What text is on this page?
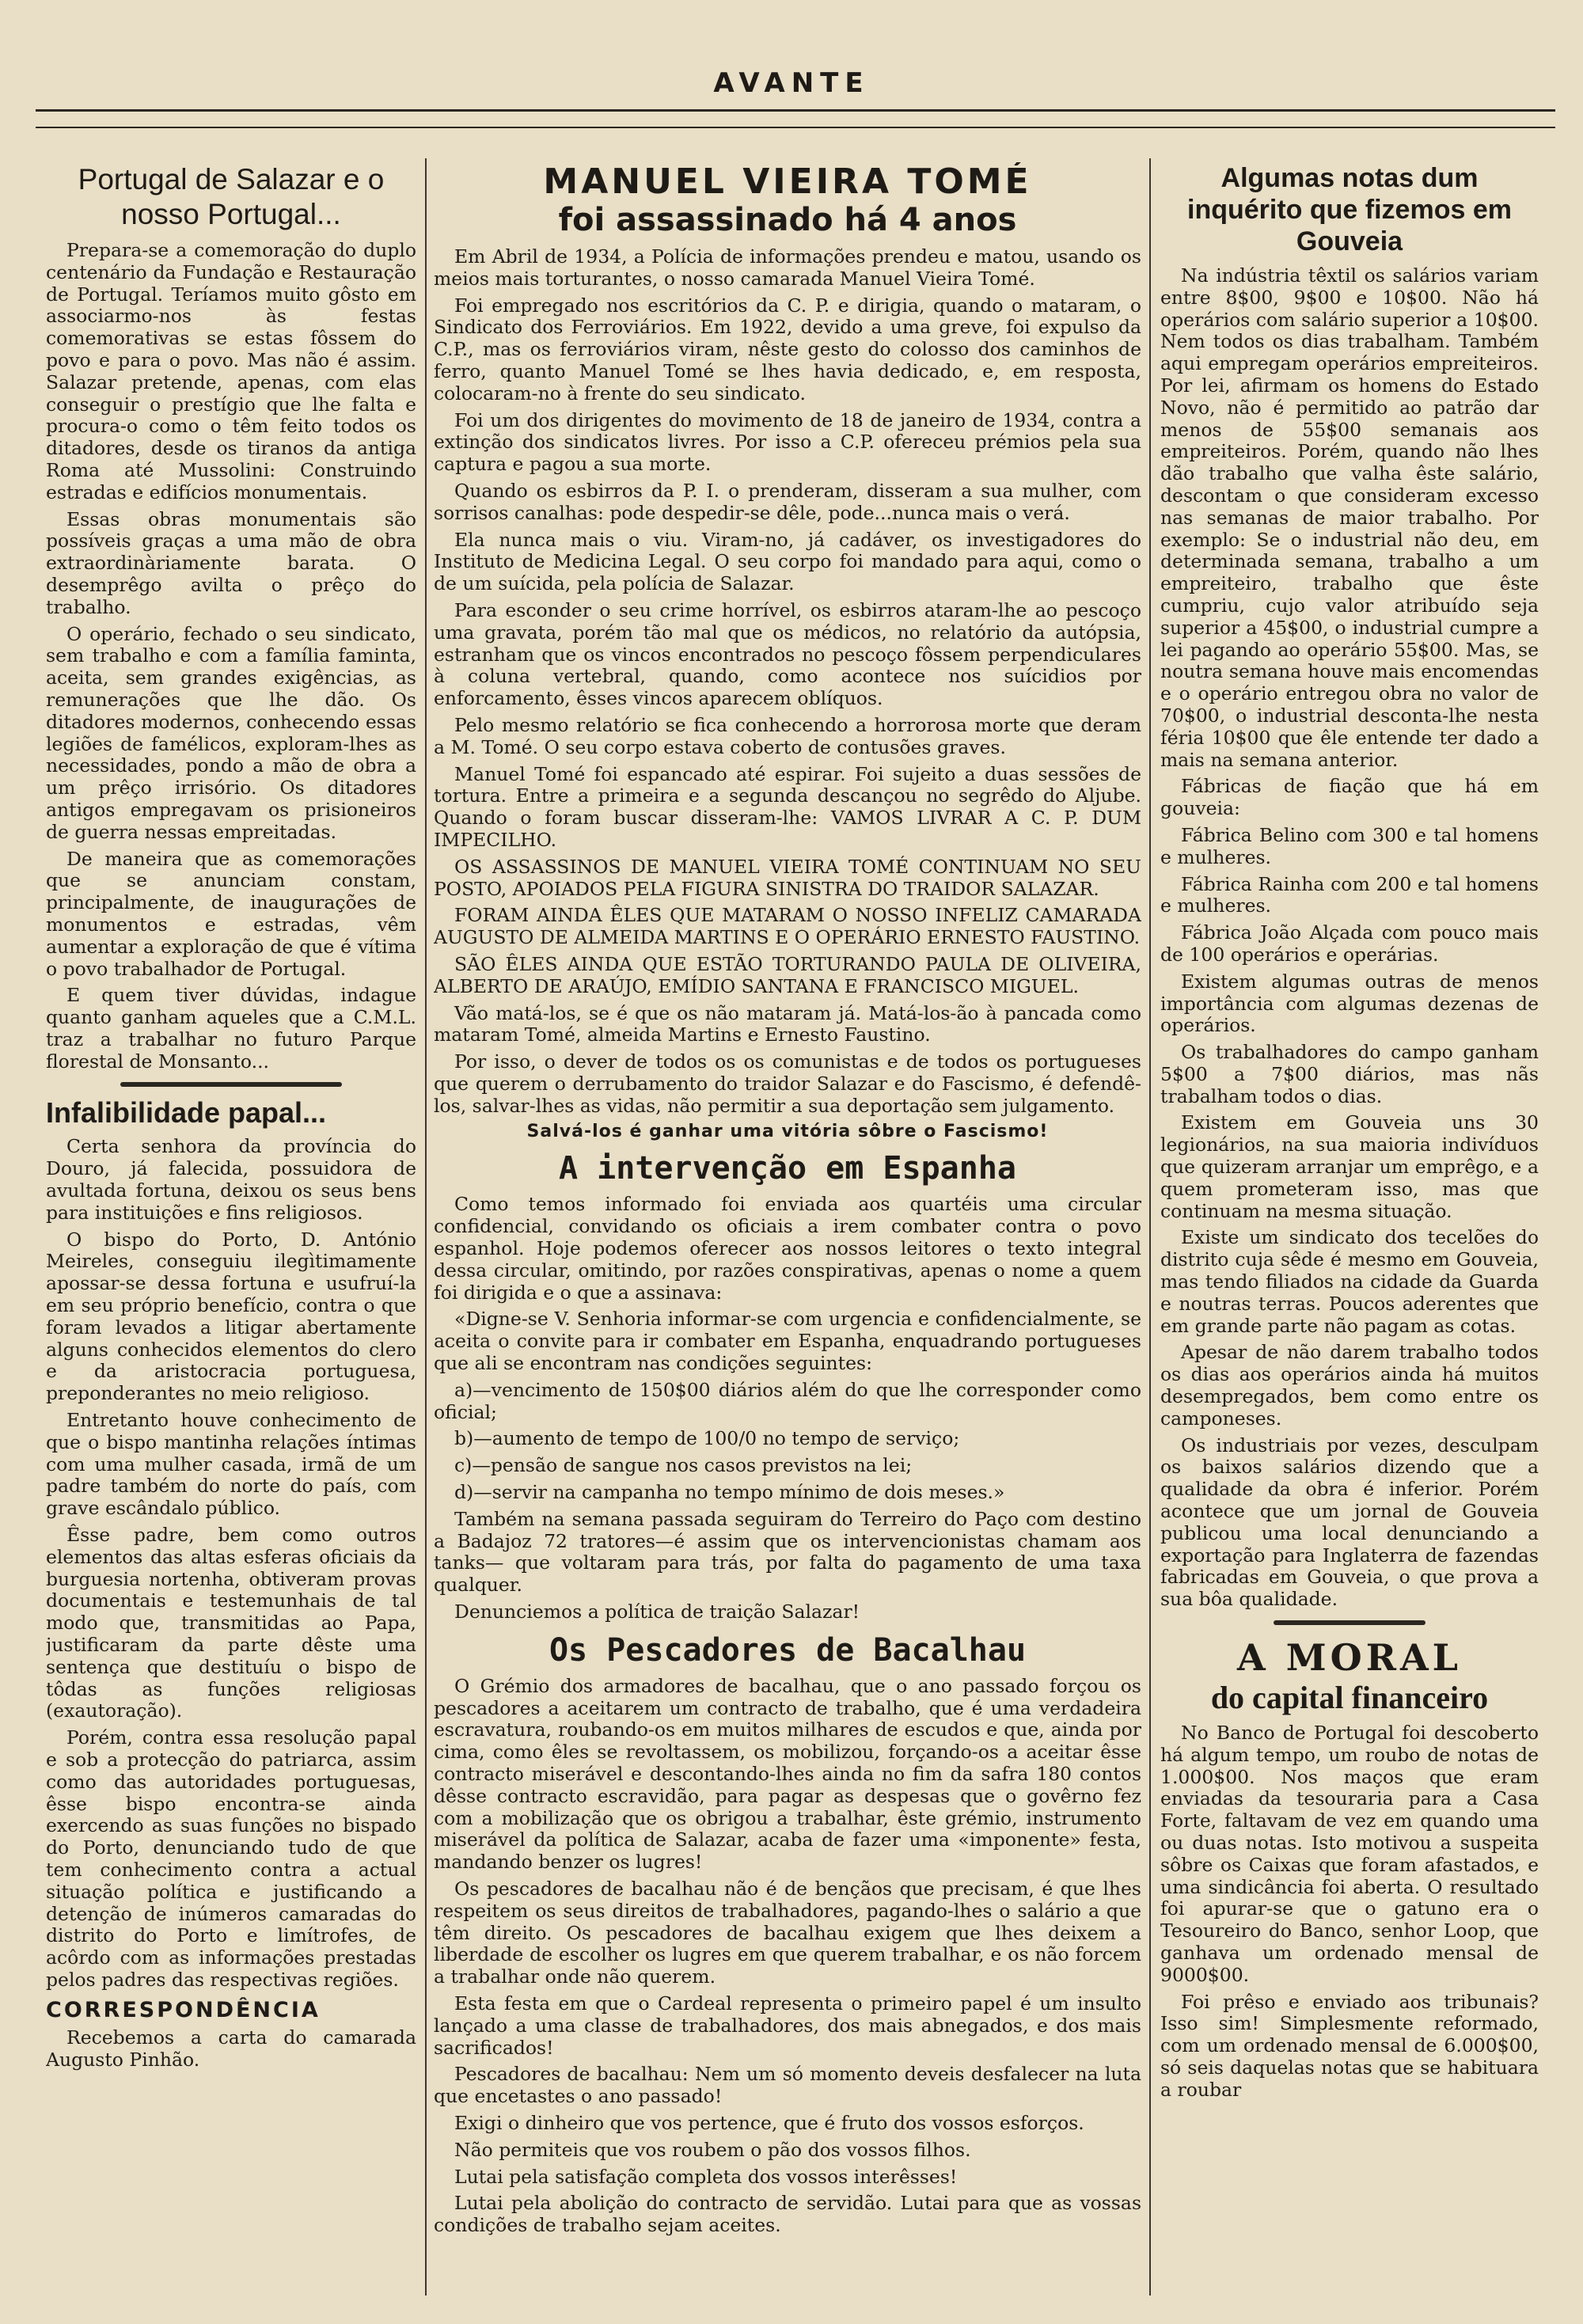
AVANTE
Portugal de Salazar e o nosso Portugal...

Prepara-se a comemoração do duplo centenário da Fundação e Restauração de Portugal. Teríamos muito gôsto em associarmo-nos às festas comemorativas se estas fôssem do povo e para o povo. Mas não é assim. Salazar pretende, apenas, com elas conseguir o prestígio que lhe falta e procura-o como o têm feito todos os ditadores, desde os tiranos da antiga Roma até Mussolini: Construindo estradas e edifícios monumentais.

Essas obras monumentais são possíveis graças a uma mão de obra extraordinàriamente barata. O desemprêgo avilta o prêço do trabalho.

O operário, fechado o seu sindicato, sem trabalho e com a família faminta, aceita, sem grandes exigências, as remunerações que lhe dão. Os ditadores modernos, conhecendo essas legiões de famélicos, exploram-lhes as necessidades, pondo a mão de obra a um prêço irrisório. Os ditadores antigos empregavam os prisioneiros de guerra nessas empreitadas.

De maneira que as comemorações que se anunciam constam, principalmente, de inaugurações de monumentos e estradas, vêm aumentar a exploração de que é vítima o povo trabalhador de Portugal.

E quem tiver dúvidas, indague quanto ganham aqueles que a C.M.L. traz a trabalhar no futuro Parque florestal de Monsanto...

Infalibilidade papal...

Certa senhora da província do Douro, já falecida, possuidora de avultada fortuna, deixou os seus bens para instituições e fins religiosos.

O bispo do Porto, D. António Meireles, conseguiu ilegìtimamente apossar-se dessa fortuna e usufruí-la em seu próprio benefício, contra o que foram levados a litigar abertamente alguns conhecidos elementos do clero e da aristocracia portuguesa, preponderantes no meio religioso.

Entretanto houve conhecimento de que o bispo mantinha relações íntimas com uma mulher casada, irmã de um padre também do norte do país, com grave escândalo público.

Êsse padre, bem como outros elementos das altas esferas oficiais da burguesia nortenha, obtiveram provas documentais e testemunhais de tal modo que, transmitidas ao Papa, justificaram da parte dêste uma sentença que destituíu o bispo de tôdas as funções religiosas (exautoração).

Porém, contra essa resolução papal e sob a protecção do patriarca, assim como das autoridades portuguesas, êsse bispo encontra-se ainda exercendo as suas funções no bispado do Porto, denunciando tudo de que tem conhecimento contra a actual situação política e justificando a detenção de inúmeros camaradas do distrito do Porto e limítrofes, de acôrdo com as informações prestadas pelos padres das respectivas regiões.

CORRESPONDÊNCIA

Recebemos a carta do camarada Augusto Pinhão.

MANUEL VIEIRA TOMÉ
foi assassinado há 4 anos

Em Abril de 1934, a Polícia de informações prendeu e matou, usando os meios mais torturantes, o nosso camarada Manuel Vieira Tomé.

Foi empregado nos escritórios da C. P. e dirigia, quando o mataram, o Sindicato dos Ferroviários. Em 1922, devido a uma greve, foi expulso da C.P., mas os ferroviários viram, nêste gesto do colosso dos caminhos de ferro, quanto Manuel Tomé se lhes havia dedicado, e, em resposta, colocaram-no à frente do seu sindicato.

Foi um dos dirigentes do movimento de 18 de janeiro de 1934, contra a extinção dos sindicatos livres. Por isso a C.P. ofereceu prémios pela sua captura e pagou a sua morte.

Quando os esbirros da P. I. o prenderam, disseram a sua mulher, com sorrisos canalhas: pode despedir-se dêle, pode...nunca mais o verá.

Ela nunca mais o viu. Viram-no, já cadáver, os investigadores do Instituto de Medicina Legal. O seu corpo foi mandado para aqui, como o de um suícida, pela polícia de Salazar.

Para esconder o seu crime horrível, os esbirros ataram-lhe ao pescoço uma gravata, porém tão mal que os médicos, no relatório da autópsia, estranham que os vincos encontrados no pescoço fôssem perpendiculares à coluna vertebral, quando, como acontece nos suícidios por enforcamento, êsses vincos aparecem oblíquos.

Pelo mesmo relatório se fica conhecendo a horrorosa morte que deram a M. Tomé. O seu corpo estava coberto de contusões graves.

Manuel Tomé foi espancado até espirar. Foi sujeito a duas sessões de tortura. Entre a primeira e a segunda descançou no segrêdo do Aljube. Quando o foram buscar disseram-lhe: VAMOS LIVRAR A C. P. DUM IMPECILHO.

OS ASSASSINOS DE MANUEL VIEIRA TOMÉ CONTINUAM NO SEU POSTO, APOIADOS PELA FIGURA SINISTRA DO TRAIDOR SALAZAR.

FORAM AINDA ÊLES QUE MATARAM O NOSSO INFELIZ CAMARADA AUGUSTO DE ALMEIDA MARTINS E O OPERÁRIO ERNESTO FAUSTINO.

SÃO ÊLES AINDA QUE ESTÃO TORTURANDO PAULA DE OLIVEIRA, ALBERTO DE ARAÚJO, EMÍDIO SANTANA E FRANCISCO MIGUEL.

Vão matá-los, se é que os não mataram já. Matá-los-ão à pancada como mataram Tomé, almeida Martins e Ernesto Faustino.

Por isso, o dever de todos os os comunistas e de todos os portugueses que querem o derrubamento do traidor Salazar e do Fascismo, é defendê-los, salvar-lhes as vidas, não permitir a sua deportação sem julgamento.

Salvá-los é ganhar uma vitória sôbre o Fascismo!
A intervenção em Espanha

Como temos informado foi enviada aos quartéis uma circular confidencial, convidando os oficiais a irem combater contra o povo espanhol. Hoje podemos oferecer aos nossos leitores o texto integral dessa circular, omitindo, por razões conspirativas, apenas o nome a quem foi dirigida e o que a assinava:

«Digne-se V. Senhoria informar-se com urgencia e confidencialmente, se aceita o convite para ir combater em Espanha, enquadrando portugueses que ali se encontram nas condições seguintes:

a)—vencimento de 150$00 diários além do que lhe corresponder como oficial;

b)—aumento de tempo de 100/0 no tempo de serviço;

c)—pensão de sangue nos casos previstos na lei;

d)—servir na campanha no tempo mínimo de dois meses.»

Também na semana passada seguiram do Terreiro do Paço com destino a Badajoz 72 tratores—é assim que os intervencionistas chamam aos tanks— que voltaram para trás, por falta do pagamento de uma taxa qualquer.

Denunciemos a política de traição Salazar!

Os Pescadores de Bacalhau

O Grémio dos armadores de bacalhau, que o ano passado forçou os pescadores a aceitarem um contracto de trabalho, que é uma verdadeira escravatura, roubando-os em muitos milhares de escudos e que, ainda por cima, como êles se revoltassem, os mobilizou, forçando-os a aceitar êsse contracto miserável e descontando-lhes ainda no fim da safra 180 contos dêsse contracto escravidão, para pagar as despesas que o govêrno fez com a mobilização que os obrigou a trabalhar, êste grémio, instrumento miserável da política de Salazar, acaba de fazer uma «imponente» festa, mandando benzer os lugres!

Os pescadores de bacalhau não é de bençãos que precisam, é que lhes respeitem os seus direitos de trabalhadores, pagando-lhes o salário a que têm direito. Os pescadores de bacalhau exigem que lhes deixem a liberdade de escolher os lugres em que querem trabalhar, e os não forcem a trabalhar onde não querem.

Esta festa em que o Cardeal representa o primeiro papel é um insulto lançado a uma classe de trabalhadores, dos mais abnegados, e dos mais sacrificados!

Pescadores de bacalhau: Nem um só momento deveis desfalecer na luta que encetastes o ano passado!

Exigi o dinheiro que vos pertence, que é fruto dos vossos esforços.

Não permiteis que vos roubem o pão dos vossos filhos.

Lutai pela satisfação completa dos vossos interêsses!

Lutai pela abolição do contracto de servidão. Lutai para que as vossas condições de trabalho sejam aceites.

Algumas notas dum inquérito que fizemos em Gouveia

Na indústria têxtil os salários variam entre 8$00, 9$00 e 10$00. Não há operários com salário superior a 10$00. Nem todos os dias trabalham. Também aqui empregam operários empreiteiros. Por lei, afirmam os homens do Estado Novo, não é permitido ao patrão dar menos de 55$00 semanais aos empreiteiros. Porém, quando não lhes dão trabalho que valha êste salário, descontam o que consideram excesso nas semanas de maior trabalho. Por exemplo: Se o industrial não deu, em determinada semana, trabalho a um empreiteiro, trabalho que êste cumpriu, cujo valor atribuído seja superior a 45$00, o industrial cumpre a lei pagando ao operário 55$00. Mas, se noutra semana houve mais encomendas e o operário entregou obra no valor de 70$00, o industrial desconta-lhe nesta féria 10$00 que êle entende ter dado a mais na semana anterior.

Fábricas de fiação que há em gouveia:

Fábrica Belino com 300 e tal homens e mulheres.

Fábrica Rainha com 200 e tal homens e mulheres.

Fábrica João Alçada com pouco mais de 100 operários e operárias.

Existem algumas outras de menos importância com algumas dezenas de operários.

Os trabalhadores do campo ganham 5$00 a 7$00 diários, mas nãs trabalham todos o dias.

Existem em Gouveia uns 30 legionários, na sua maioria indivíduos que quizeram arranjar um emprêgo, e a quem prometeram isso, mas que continuam na mesma situação.

Existe um sindicato dos tecelões do distrito cuja sêde é mesmo em Gouveia, mas tendo filiados na cidade da Guarda e noutras terras. Poucos aderentes que em grande parte não pagam as cotas.

Apesar de não darem trabalho todos os dias aos operários ainda há muitos desempregados, bem como entre os camponeses.

Os industriais por vezes, desculpam os baixos salários dizendo que a qualidade da obra é inferior. Porém acontece que um jornal de Gouveia publicou uma local denunciando a exportação para Inglaterra de fazendas fabricadas em Gouveia, o que prova a sua bôa qualidade.

A MORAL
do capital financeiro

No Banco de Portugal foi descoberto há algum tempo, um roubo de notas de 1.000$00. Nos maços que eram enviadas da tesouraria para a Casa Forte, faltavam de vez em quando uma ou duas notas. Isto motivou a suspeita sôbre os Caixas que foram afastados, e uma sindicância foi aberta. O resultado foi apurar-se que o gatuno era o Tesoureiro do Banco, senhor Loop, que ganhava um ordenado mensal de 9000$00.

Foi prêso e enviado aos tribunais? Isso sim! Simplesmente reformado, com um ordenado mensal de 6.000$00, só seis daquelas notas que se habituara a roubar
